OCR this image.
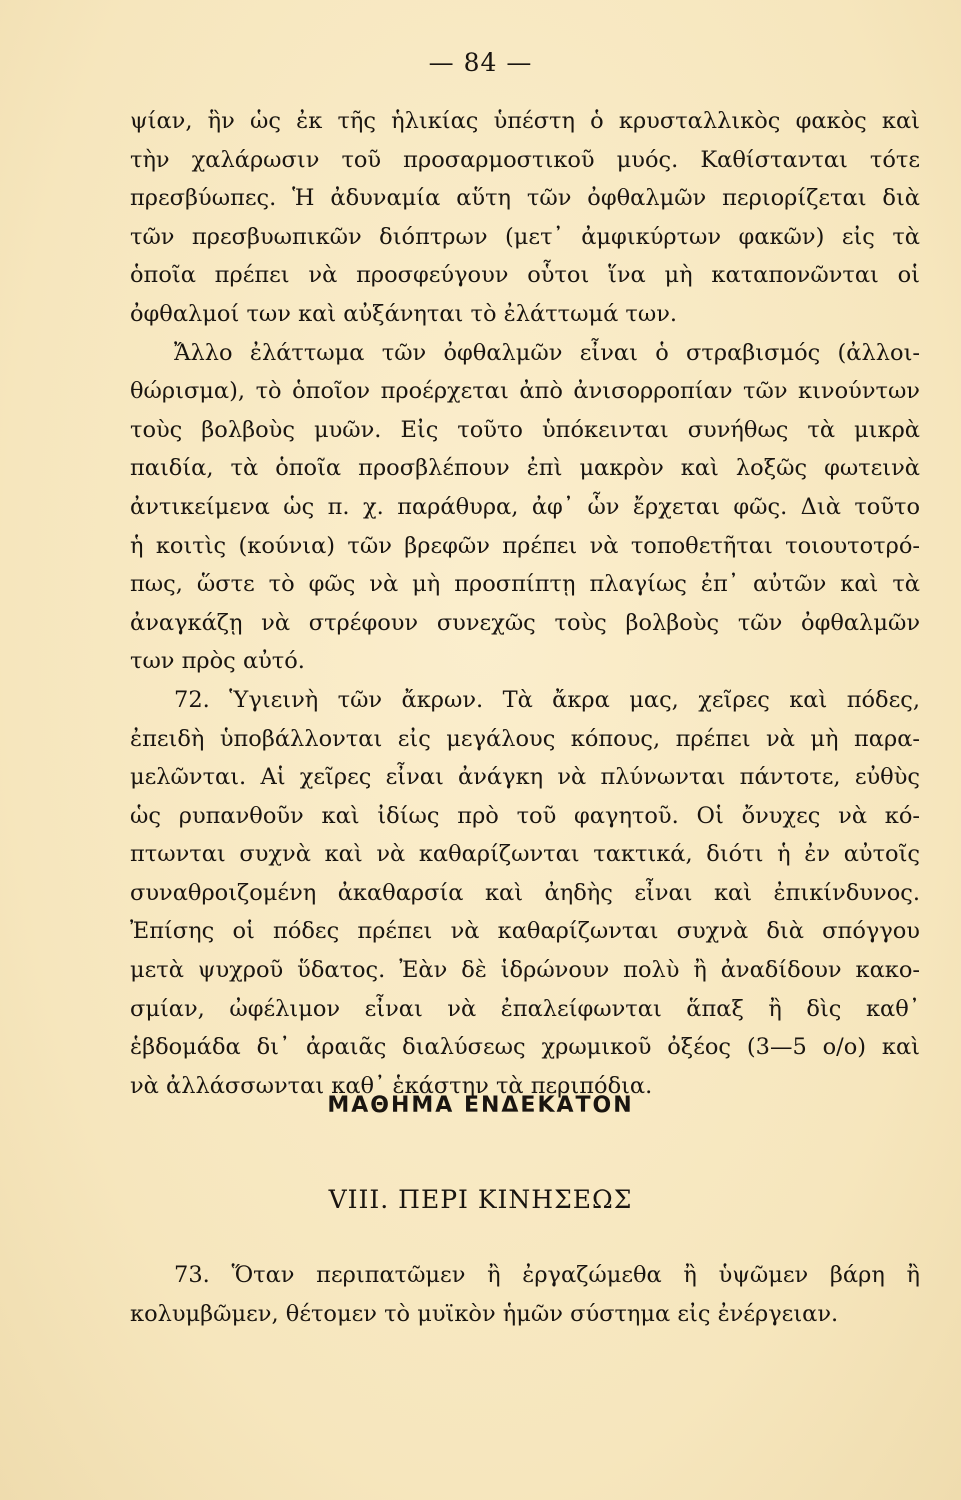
— 84 —
ψίαν, ἣν ὡς ἐκ τῆς ἡλικίας ὑπέστη ὁ κρυσταλλικὸς φακὸς καὶ
τὴν χαλάρωσιν τοῦ προσαρμοστικοῦ μυός. Καθίστανται τότε
πρεσβύωπες. Ἡ ἀδυναμία αὕτη τῶν ὀφθαλμῶν περιορίζεται διὰ
τῶν πρεσβυωπικῶν διόπτρων (μετ᾽ ἀμφικύρτων φακῶν) εἰς τὰ
ὁποῖα πρέπει νὰ προσφεύγουν οὗτοι ἵνα μὴ καταπονῶνται οἱ
ὀφθαλμοί των καὶ αὐξάνηται τὸ ἐλάττωμά των.
Ἄλλο ἐλάττωμα τῶν ὀφθαλμῶν εἶναι ὁ στραβισμός (ἀλλοι-
θώρισμα), τὸ ὁποῖον προέρχεται ἀπὸ ἀνισορροπίαν τῶν κινούντων
τοὺς βολβοὺς μυῶν. Εἰς τοῦτο ὑπόκεινται συνήθως τὰ μικρὰ
παιδία, τὰ ὁποῖα προσβλέπουν ἐπὶ μακρὸν καὶ λοξῶς φωτεινὰ
ἀντικείμενα ὡς π. χ. παράθυρα, ἀφ᾽ ὧν ἔρχεται φῶς. Διὰ τοῦτο
ἡ κοιτὶς (κούνια) τῶν βρεφῶν πρέπει νὰ τοποθετῆται τοιουτοτρό-
πως, ὥστε τὸ φῶς νὰ μὴ προσπίπτῃ πλαγίως ἐπ᾽ αὐτῶν καὶ τὰ
ἀναγκάζῃ νὰ στρέφουν συνεχῶς τοὺς βολβοὺς τῶν ὀφθαλμῶν
των πρὸς αὐτό.
72. Ὑγιεινὴ τῶν ἄκρων. Τὰ ἄκρα μας, χεῖρες καὶ πόδες,
ἐπειδὴ ὑποβάλλονται εἰς μεγάλους κόπους, πρέπει νὰ μὴ παρα-
μελῶνται. Αἱ χεῖρες εἶναι ἀνάγκη νὰ πλύνωνται πάντοτε, εὐθὺς
ὡς ρυπανθοῦν καὶ ἰδίως πρὸ τοῦ φαγητοῦ. Οἱ ὄνυχες νὰ κό-
πτωνται συχνὰ καὶ νὰ καθαρίζωνται τακτικά, διότι ἡ ἐν αὐτοῖς
συναθροιζομένη ἀκαθαρσία καὶ ἀηδὴς εἶναι καὶ ἐπικίνδυνος.
Ἐπίσης οἱ πόδες πρέπει νὰ καθαρίζωνται συχνὰ διὰ σπόγγου
μετὰ ψυχροῦ ὕδατος. Ἐὰν δὲ ἱδρώνουν πολὺ ἢ ἀναδίδουν κακο-
σμίαν, ὠφέλιμον εἶναι νὰ ἐπαλείφωνται ἅπαξ ἢ δὶς καθ᾽
ἑβδομάδα δι᾽ ἀραιᾶς διαλύσεως χρωμικοῦ ὀξέος (3—5 ο/ο) καὶ
νὰ ἀλλάσσωνται καθ᾽ ἑκάστην τὰ περιπόδια.
ΜΑΘΗΜΑ ΕΝΔΕΚΑΤΟΝ
VIII. ΠΕΡΙ ΚΙΝΗΣΕΩΣ
73. Ὅταν περιπατῶμεν ἢ ἐργαζώμεθα ἢ ὑψῶμεν βάρη ἢ
κολυμβῶμεν, θέτομεν τὸ μυϊκὸν ἡμῶν σύστημα εἰς ἐνέργειαν.
